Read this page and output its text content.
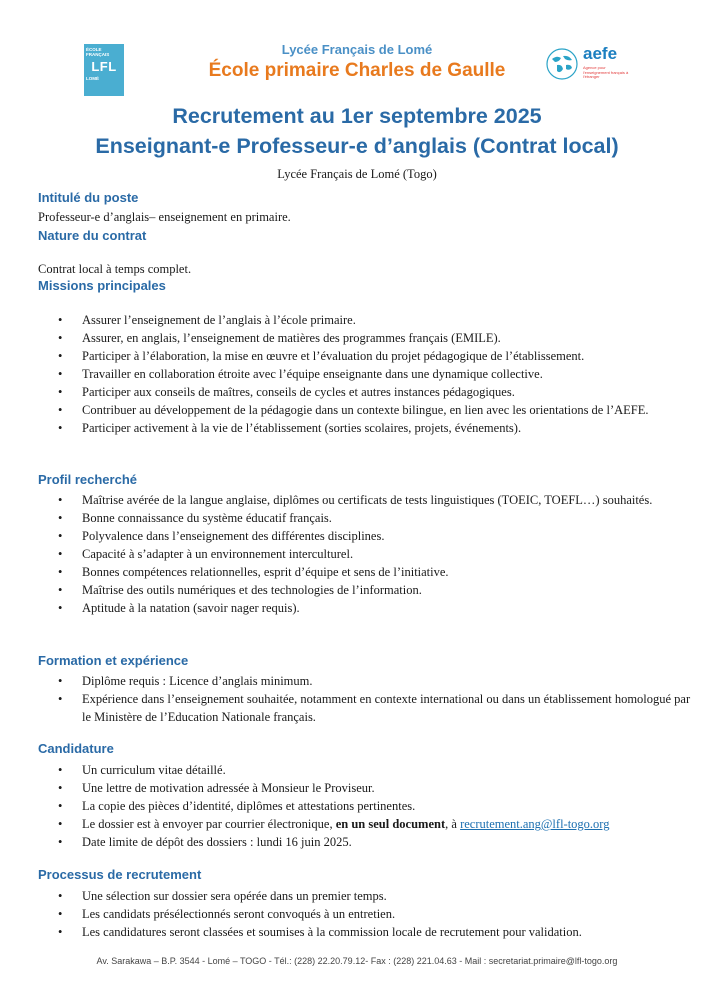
ÉCOLE
FRANÇAIS
LFL
LOMÉ
Lycée Français de Lomé
École primaire Charles de Gaulle
aefe
Agence pour l'enseignement français à l'étranger
Recrutement au 1er septembre 2025
Enseignant-e Professeur-e d’anglais (Contrat local)
Lycée Français de Lomé (Togo)
Intitulé du poste
Professeur-e d’anglais– enseignement en primaire.
Nature du contrat
Contrat local à temps complet.
Missions principales
• Assurer l’enseignement de l’anglais à l’école primaire.
• Assurer, en anglais, l’enseignement de matières des programmes français (EMILE).
• Participer à l’élaboration, la mise en œuvre et l’évaluation du projet pédagogique de l’établissement.
• Travailler en collaboration étroite avec l’équipe enseignante dans une dynamique collective.
• Participer aux conseils de maîtres, conseils de cycles et autres instances pédagogiques.
• Contribuer au développement de la pédagogie dans un contexte bilingue, en lien avec les orientations de l’AEFE.
• Participer activement à la vie de l’établissement (sorties scolaires, projets, événements).
Profil recherché
• Maîtrise avérée de la langue anglaise, diplômes ou certificats de tests linguistiques (TOEIC, TOEFL…) souhaités.
• Bonne connaissance du système éducatif français.
• Polyvalence dans l’enseignement des différentes disciplines.
• Capacité à s’adapter à un environnement interculturel.
• Bonnes compétences relationnelles, esprit d’équipe et sens de l’initiative.
• Maîtrise des outils numériques et des technologies de l’information.
• Aptitude à la natation (savoir nager requis).
Formation et expérience
• Diplôme requis : Licence d’anglais minimum.
• Expérience dans l’enseignement souhaitée, notamment en contexte international ou dans un établissement homologué par le Ministère de l’Education Nationale français.
Candidature
• Un curriculum vitae détaillé.
• Une lettre de motivation adressée à Monsieur le Proviseur.
• La copie des pièces d’identité, diplômes et attestations pertinentes.
• Le dossier est à envoyer par courrier électronique, en un seul document, à recrutement.ang@lfl-togo.org
• Date limite de dépôt des dossiers : lundi 16 juin 2025.
Processus de recrutement
• Une sélection sur dossier sera opérée dans un premier temps.
• Les candidats présélectionnés seront convoqués à un entretien.
• Les candidatures seront classées et soumises à la commission locale de recrutement pour validation.
Av. Sarakawa – B.P. 3544 - Lomé – TOGO - Tél.: (228) 22.20.79.12- Fax : (228) 221.04.63 - Mail : secretariat.primaire@lfl-togo.org
